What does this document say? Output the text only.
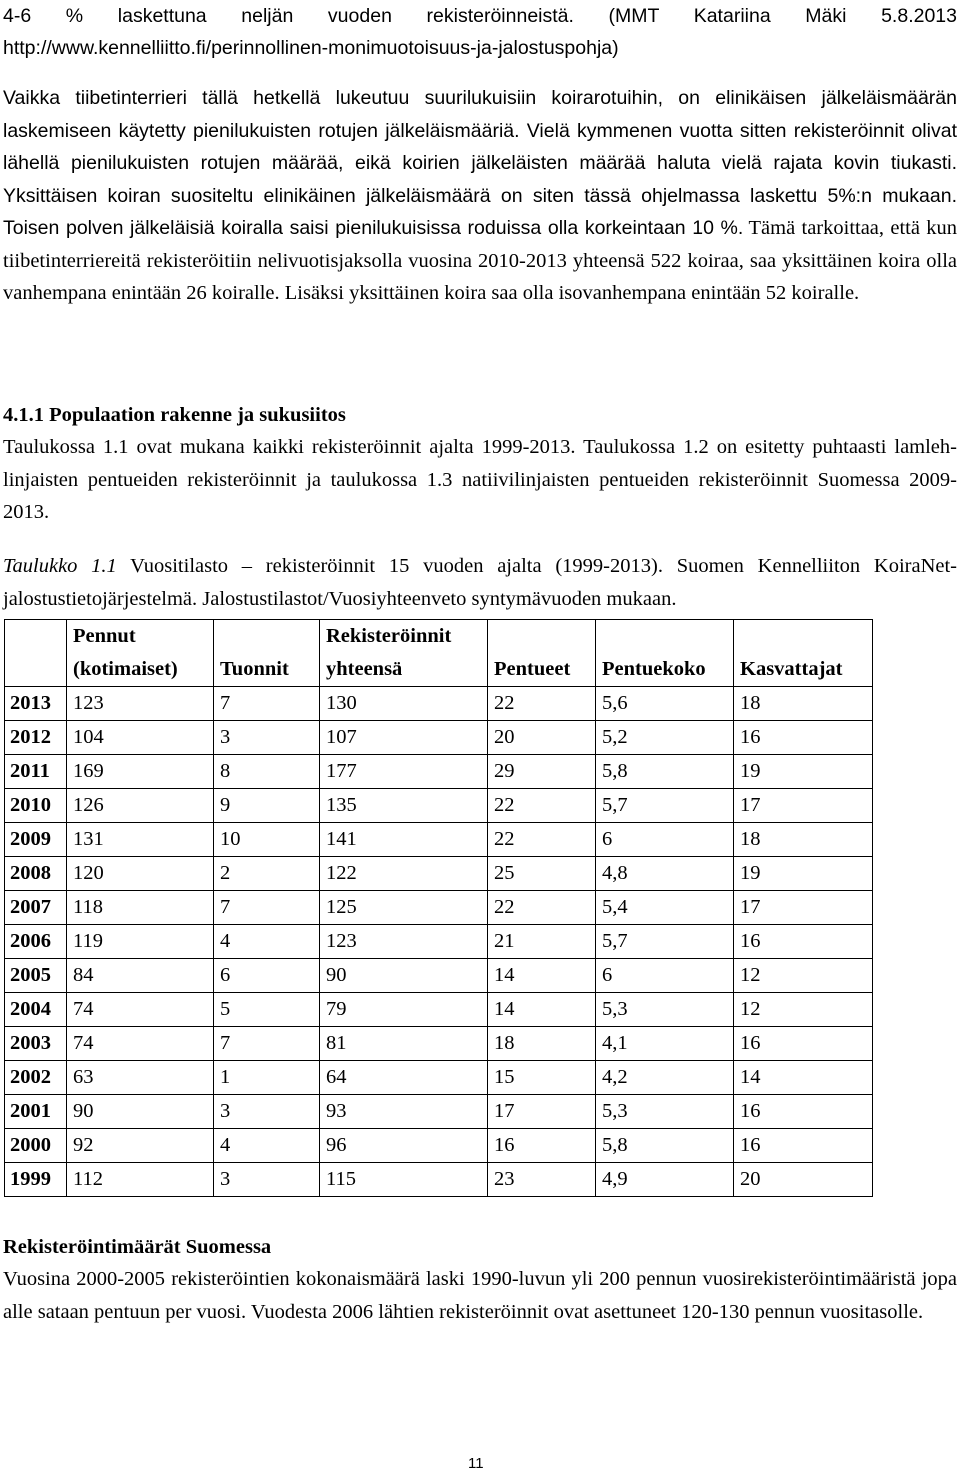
4-6 % laskettuna neljän vuoden rekisteröinneistä. (MMT Katariina Mäki 5.8.2013

http://www.kennelliitto.fi/perinnollinen-monimuotoisuus-ja-jalostuspohja)

Vaikka tiibetinterrieri tällä hetkellä lukeutuu suurilukuisiin koirarotuihin, on elinikäisen jälkeläismäärän laskemiseen käytetty pienilukuisten rotujen jälkeläismääriä. Vielä kymmenen vuotta sitten rekisteröinnit olivat lähellä pienilukuisten rotujen määrää, eikä koirien jälkeläisten määrää haluta vielä rajata kovin tiukasti. Yksittäisen koiran suositeltu elinikäinen jälkeläismäärä on siten tässä ohjelmassa laskettu 5%:n mukaan. Toisen polven jälkeläisiä koiralla saisi pienilukuisissa roduissa olla korkeintaan 10 %. Tämä tarkoittaa, että kun tiibetinterriereitä rekisteröitiin nelivuotisjaksolla vuosina 2010-2013 yhteensä 522 koiraa, saa yksittäinen koira olla vanhempana enintään 26 koiralle. Lisäksi yksittäinen koira saa olla isovanhempana enintään 52 koiralle.

4.1.1 Populaation rakenne ja sukusiitos

Taulukossa 1.1 ovat mukana kaikki rekisteröinnit ajalta 1999-2013. Taulukossa 1.2 on esitetty puhtaasti lamleh-linjaisten pentueiden rekisteröinnit ja taulukossa 1.3 natiivilinjaisten pentueiden rekisteröinnit Suomessa 2009-2013.

Taulukko 1.1 Vuositilasto – rekisteröinnit 15 vuoden ajalta (1999-2013). Suomen Kennelliiton KoiraNet-jalostustietojärjestelmä. Jalostustilastot/Vuosiyhteenveto syntymävuoden mukaan.

	Pennut (kotimaiset)	Tuonnit	Rekisteröinnit yhteensä	Pentueet	Pentuekoko	Kasvattajat
2013	123	7	130	22	5,6	18
2012	104	3	107	20	5,2	16
2011	169	8	177	29	5,8	19
2010	126	9	135	22	5,7	17
2009	131	10	141	22	6	18
2008	120	2	122	25	4,8	19
2007	118	7	125	22	5,4	17
2006	119	4	123	21	5,7	16
2005	84	6	90	14	6	12
2004	74	5	79	14	5,3	12
2003	74	7	81	18	4,1	16
2002	63	1	64	15	4,2	14
2001	90	3	93	17	5,3	16
2000	92	4	96	16	5,8	16
1999	112	3	115	23	4,9	20
Rekisteröintimäärät Suomessa

Vuosina 2000-2005 rekisteröintien kokonaismäärä laski 1990-luvun yli 200 pennun vuosirekisteröintimääristä jopa alle sataan pentuun per vuosi. Vuodesta 2006 lähtien rekisteröinnit ovat asettuneet 120-130 pennun vuositasolle.

11
